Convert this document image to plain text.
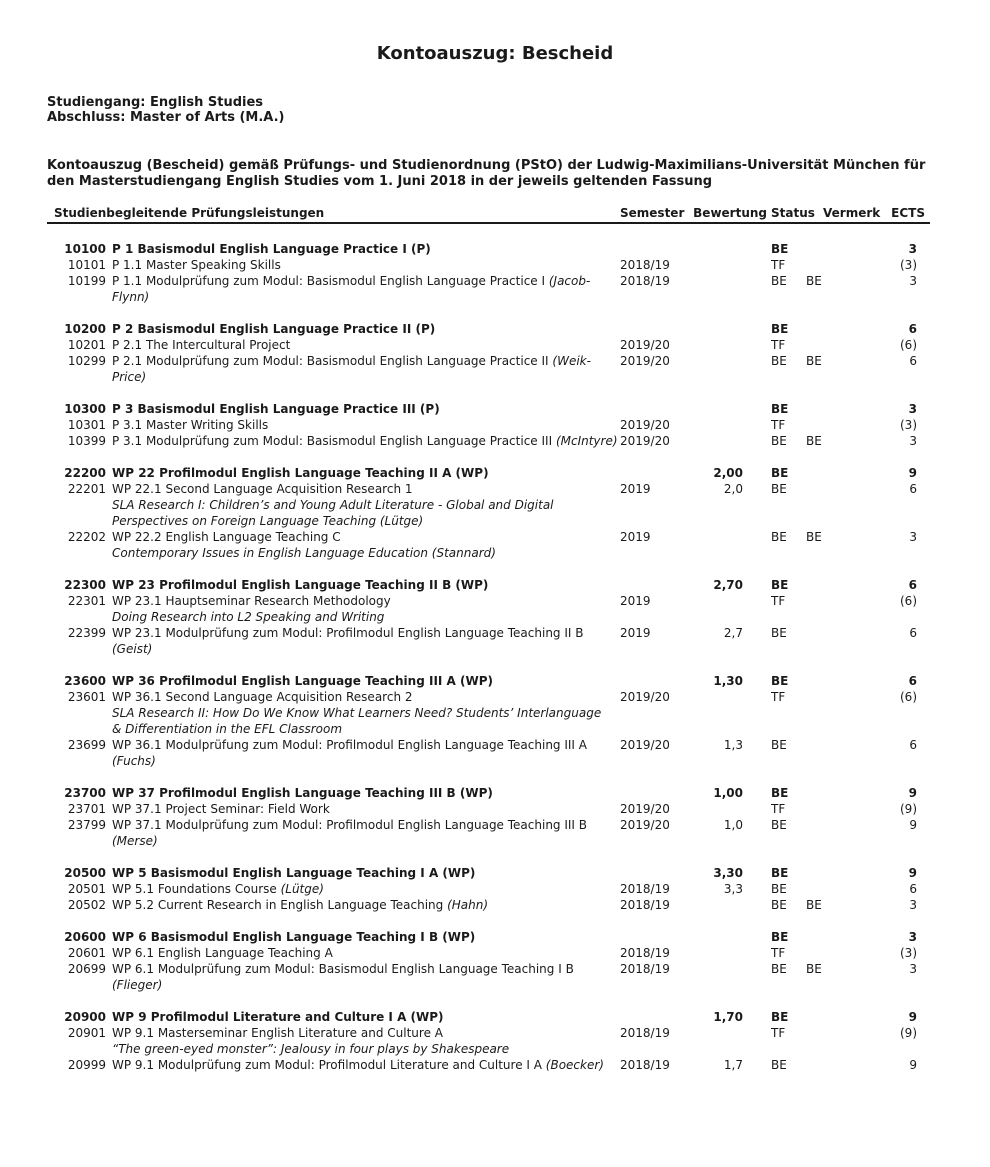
Kontoauszug: Bescheid
Studiengang: English Studies
Abschluss: Master of Arts (M.A.)
Kontoauszug (Bescheid) gemäß Prüfungs- und Studienordnung (PStO) der Ludwig-Maximilians-Universität München für den Masterstudiengang English Studies vom 1. Juni 2018 in der jeweils geltenden Fassung
Studienbegleitende Prüfungsleistungen	Semester Bewertung Status Vermerk ECTS
10100 P 1 Basismodul English Language Practice I (P)	BE	3
10101 P 1.1 Master Speaking Skills	2018/19	TF	(3)
10199 P 1.1 Modulprüfung zum Modul: Basismodul English Language Practice I (Jacob-Flynn)
2018/19	BE	BE	3
10200 P 2 Basismodul English Language Practice II (P)	BE	6
10201 P 2.1 The Intercultural Project	2019/20	TF	(6)
10299 P 2.1 Modulprüfung zum Modul: Basismodul English Language Practice II (Weik-Price)
2019/20	BE	BE	6
10300 P 3 Basismodul English Language Practice III (P)	BE	3
10301 P 3.1 Master Writing Skills	2019/20	TF	(3)
10399 P 3.1 Modulprüfung zum Modul: Basismodul English Language Practice III (McIntyre) 2019/20	BE	BE	3
22200 WP 22 Profilmodul English Language Teaching II A (WP)	2,00	BE	9
22201 WP 22.1 Second Language Acquisition Research 1
SLA Research I: Children’s and Young Adult Literature - Global and Digital
Perspectives on Foreign Language Teaching (Lütge)
2019	2,0	BE	6
22202 WP 22.2 English Language Teaching C
Contemporary Issues in English Language Education (Stannard)
2019	BE	BE	3
22300 WP 23 Profilmodul English Language Teaching II B (WP)	2,70	BE	6
22301 WP 23.1 Hauptseminar Research Methodology
Doing Research into L2 Speaking and Writing
2019	TF	(6)
22399 WP 23.1 Modulprüfung zum Modul: Profilmodul English Language Teaching II B (Geist)
2019	2,7	BE	6
23600 WP 36 Profilmodul English Language Teaching III A (WP)	1,30	BE	6
23601 WP 36.1 Second Language Acquisition Research 2
SLA Research II: How Do We Know What Learners Need? Students’ Interlanguage
& Differentiation in the EFL Classroom
2019/20	TF	(6)
23699 WP 36.1 Modulprüfung zum Modul: Profilmodul English Language Teaching III A (Fuchs)
2019/20	1,3	BE	6
23700 WP 37 Profilmodul English Language Teaching III B (WP)	1,00	BE	9
23701 WP 37.1 Project Seminar: Field Work	2019/20	TF	(9)
23799 WP 37.1 Modulprüfung zum Modul: Profilmodul English Language Teaching III B (Merse)
2019/20	1,0	BE	9
20500 WP 5 Basismodul English Language Teaching I A (WP)	3,30	BE	9
20501 WP 5.1 Foundations Course (Lütge)	2018/19	3,3	BE	6
20502 WP 5.2 Current Research in English Language Teaching (Hahn)	2018/19	BE	BE	3
20600 WP 6 Basismodul English Language Teaching I B (WP)	BE	3
20601 WP 6.1 English Language Teaching A	2018/19	TF	(3)
20699 WP 6.1 Modulprüfung zum Modul: Basismodul English Language Teaching I B (Flieger)
2018/19	BE	BE	3
20900 WP 9 Profilmodul Literature and Culture I A (WP)	1,70	BE	9
20901 WP 9.1 Masterseminar English Literature and Culture A
“The green-eyed monster”: Jealousy in four plays by Shakespeare
2018/19	TF	(9)
20999 WP 9.1 Modulprüfung zum Modul: Profilmodul Literature and Culture I A (Boecker)	2018/19	1,7	BE	9
